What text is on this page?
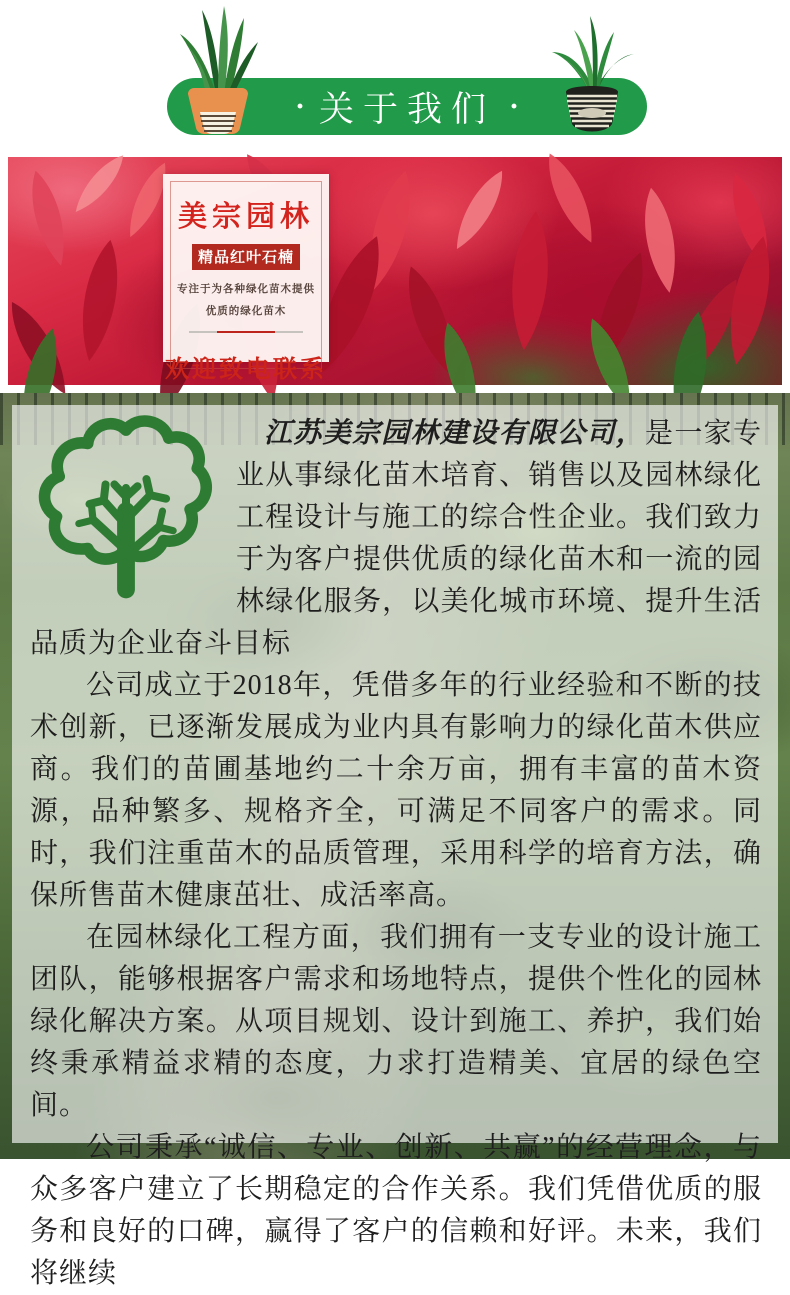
· 关于我们 ·
美宗园林
精品红叶石楠
专注于为各种绿化苗木提供
优质的绿化苗木
欢迎致电联系

江苏美宗园林建设有限公司，是一家专业从事绿化苗木培育、销售以及园林绿化工程设计与施工的综合性企业。我们致力于为客户提供优质的绿化苗木和一流的园林绿化服务，以美化城市环境、提升生活品质为企业奋斗目标

公司成立于2018年，凭借多年的行业经验和不断的技术创新，已逐渐发展成为业内具有影响力的绿化苗木供应商。我们的苗圃基地约二十余万亩，拥有丰富的苗木资源，品种繁多、规格齐全，可满足不同客户的需求。同时，我们注重苗木的品质管理，采用科学的培育方法，确保所售苗木健康茁壮、成活率高。

在园林绿化工程方面，我们拥有一支专业的设计施工团队，能够根据客户需求和场地特点，提供个性化的园林绿化解决方案。从项目规划、设计到施工、养护，我们始终秉承精益求精的态度，力求打造精美、宜居的绿色空间。

公司秉承“诚信、专业、创新、共赢”的经营理念，与众多客户建立了长期稳定的合作关系。我们凭借优质的服务和良好的口碑，赢得了客户的信赖和好评。未来，我们将继续
